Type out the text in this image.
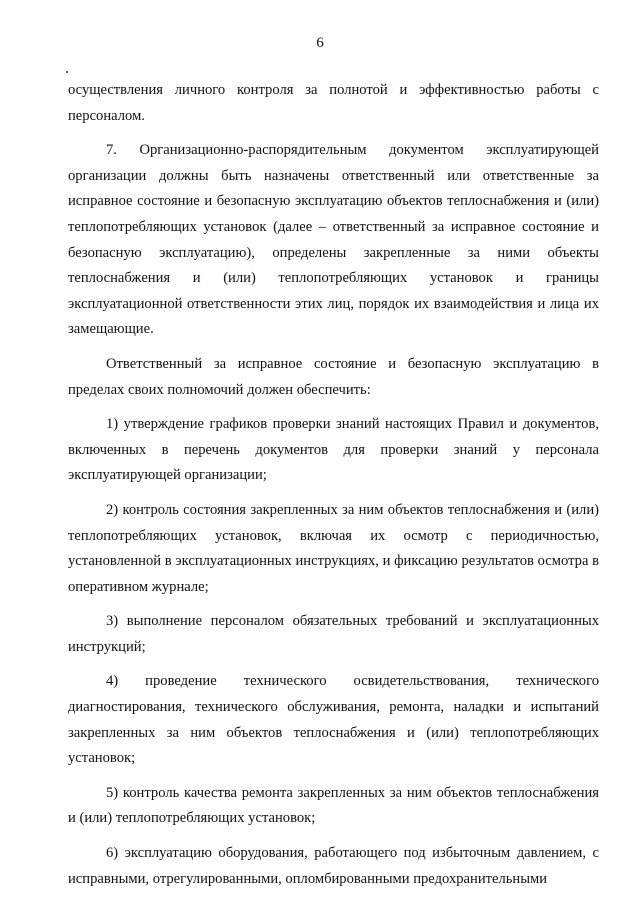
6

осуществления личного контроля за полнотой и эффективностью работы с персоналом.

7. Организационно-распорядительным документом эксплуатирующей организации должны быть назначены ответственный или ответственные за исправное состояние и безопасную эксплуатацию объектов теплоснабжения и (или) теплопотребляющих установок (далее – ответственный за исправное состояние и безопасную эксплуатацию), определены закрепленные за ними объекты теплоснабжения и (или) теплопотребляющих установок и границы эксплуатационной ответственности этих лиц, порядок их взаимодействия и лица их замещающие.

Ответственный за исправное состояние и безопасную эксплуатацию в пределах своих полномочий должен обеспечить:

1) утверждение графиков проверки знаний настоящих Правил и документов, включенных в перечень документов для проверки знаний у персонала эксплуатирующей организации;

2) контроль состояния закрепленных за ним объектов теплоснабжения и (или) теплопотребляющих установок, включая их осмотр с периодичностью, установленной в эксплуатационных инструкциях, и фиксацию результатов осмотра в оперативном журнале;

3) выполнение персоналом обязательных требований и эксплуатационных инструкций;

4) проведение технического освидетельствования, технического диагностирования, технического обслуживания, ремонта, наладки и испытаний закрепленных за ним объектов теплоснабжения и (или) теплопотребляющих установок;

5) контроль качества ремонта закрепленных за ним объектов теплоснабжения и (или) теплопотребляющих установок;

6) эксплуатацию оборудования, работающего под избыточным давлением, с исправными, отрегулированными, опломбированными предохранительными
